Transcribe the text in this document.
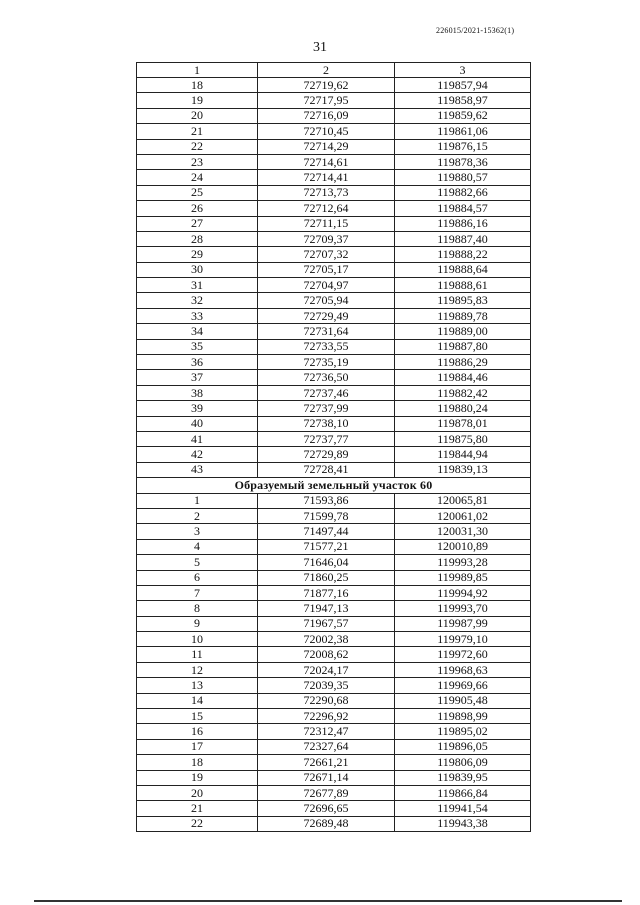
226015/2021-15362(1)
31
1	2	3
18	72719,62	119857,94
19	72717,95	119858,97
20	72716,09	119859,62
21	72710,45	119861,06
22	72714,29	119876,15
23	72714,61	119878,36
24	72714,41	119880,57
25	72713,73	119882,66
26	72712,64	119884,57
27	72711,15	119886,16
28	72709,37	119887,40
29	72707,32	119888,22
30	72705,17	119888,64
31	72704,97	119888,61
32	72705,94	119895,83
33	72729,49	119889,78
34	72731,64	119889,00
35	72733,55	119887,80
36	72735,19	119886,29
37	72736,50	119884,46
38	72737,46	119882,42
39	72737,99	119880,24
40	72738,10	119878,01
41	72737,77	119875,80
42	72729,89	119844,94
43	72728,41	119839,13
Образуемый земельный участок 60		
1	71593,86	120065,81
2	71599,78	120061,02
3	71497,44	120031,30
4	71577,21	120010,89
5	71646,04	119993,28
6	71860,25	119989,85
7	71877,16	119994,92
8	71947,13	119993,70
9	71967,57	119987,99
10	72002,38	119979,10
11	72008,62	119972,60
12	72024,17	119968,63
13	72039,35	119969,66
14	72290,68	119905,48
15	72296,92	119898,99
16	72312,47	119895,02
17	72327,64	119896,05
18	72661,21	119806,09
19	72671,14	119839,95
20	72677,89	119866,84
21	72696,65	119941,54
22	72689,48	119943,38
